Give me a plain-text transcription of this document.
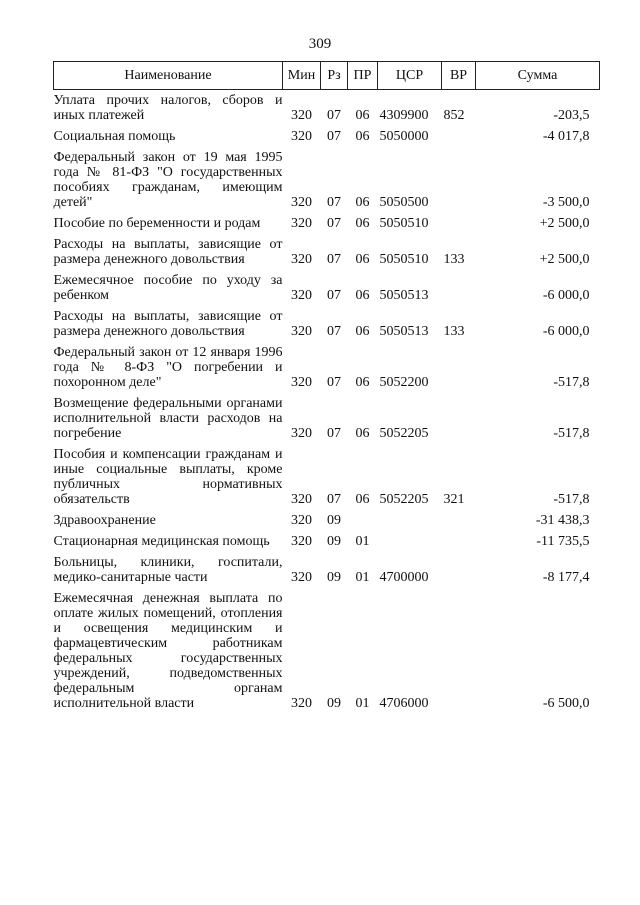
309
Наименование	Мин	Рз	ПР	ЦСР	ВР	Сумма
Уплата прочих налогов, сборов и иных платежей	320	07	06	4309900	852	-203,5
Социальная помощь	320	07	06	5050000		-4 017,8
Федеральный закон от 19 мая 1995 года № 81-ФЗ "О государственных пособиях гражданам, имеющим детей"	320	07	06	5050500		-3 500,0
Пособие по беременности и родам	320	07	06	5050510		+2 500,0
Расходы на выплаты, зависящие от размера денежного довольствия	320	07	06	5050510	133	+2 500,0
Ежемесячное пособие по уходу за ребенком	320	07	06	5050513		-6 000,0
Расходы на выплаты, зависящие от размера денежного довольствия	320	07	06	5050513	133	-6 000,0
Федеральный закон от 12 января 1996 года № 8-ФЗ "О погребении и похоронном деле"	320	07	06	5052200		-517,8
Возмещение федеральными органами исполнительной власти расходов на погребение	320	07	06	5052205		-517,8
Пособия и компенсации гражданам и иные социальные выплаты, кроме публичных нормативных обязательств	320	07	06	5052205	321	-517,8
Здравоохранение	320	09				-31 438,3
Стационарная медицинская помощь	320	09	01			-11 735,5
Больницы, клиники, госпитали, медико-санитарные части	320	09	01	4700000		-8 177,4
Ежемесячная денежная выплата по оплате жилых помещений, отопления и освещения медицинским и фармацевтическим работникам федеральных государственных учреждений, подведомственных федеральным органам исполнительной власти	320	09	01	4706000		-6 500,0
